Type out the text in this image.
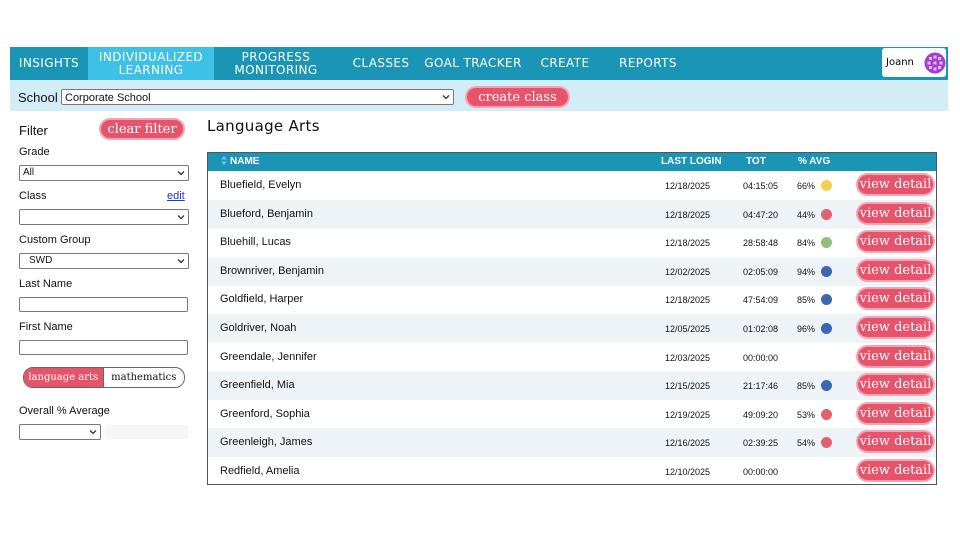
INSIGHTS	INDIVIDUALIZED LEARNING
PROGRESS MONITORING	CLASSES	GOAL TRACKER	CREATE	REPORTS	Joann
School Corporate School	create class
Filter	clear filter
Grade
All
Class	edit
Custom Group
SWD
Last Name
First Name
language arts	mathematics
Overall % Average
Language Arts
NAME	LAST LOGIN TOT	% AVG
Bluefield, Evelyn	12/18/2025	04:15:05 66%	view detail
Blueford, Benjamin	12/18/2025	04:47:20 44%	view detail
Bluehill, Lucas	12/18/2025	28:58:48 84%	view detail
Brownriver, Benjamin	12/02/2025	02:05:09 94%	view detail
Goldfield, Harper	12/18/2025	47:54:09 85%	view detail
Goldriver, Noah	12/05/2025	01:02:08 96%	view detail
Greendale, Jennifer	12/03/2025	00:00:00	view detail
Greenfield, Mia	12/15/2025	21:17:46 85%	view detail
Greenford, Sophia	12/19/2025	49:09:20 53%	view detail
Greenleigh, James	12/16/2025	02:39:25 54%	view detail
Redfield, Amelia	12/10/2025	00:00:00	view detail
